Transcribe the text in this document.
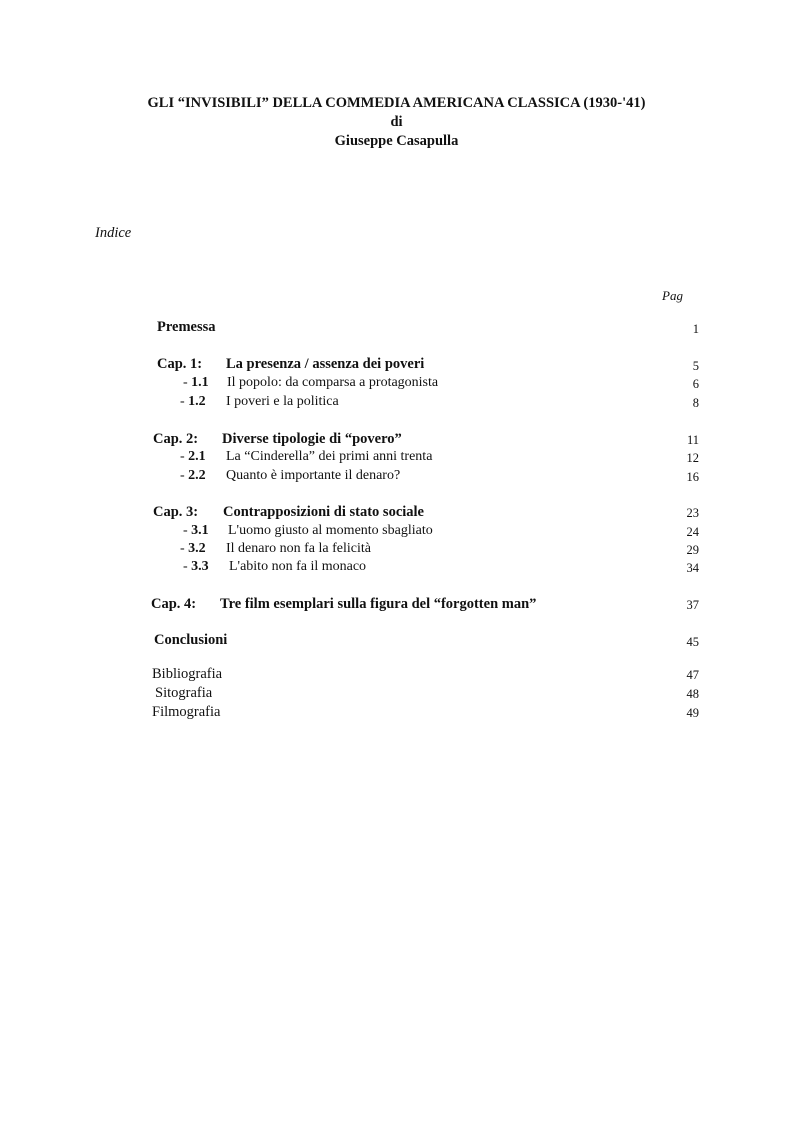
GLI “INVISIBILI” DELLA COMMEDIA AMERICANA CLASSICA (1930-'41)
di
Giuseppe Casapulla
Indice
Pag
Premessa	1
Cap. 1: La presenza / assenza dei poveri	5
- 1.1 Il popolo: da comparsa a protagonista	6
- 1.2 I poveri e la politica	8
Cap. 2: Diverse tipologie di “povero”	11
- 2.1 La “Cinderella” dei primi anni trenta	12
- 2.2 Quanto è importante il denaro?	16
Cap. 3: Contrapposizioni di stato sociale	23
- 3.1 L'uomo giusto al momento sbagliato	24
- 3.2 Il denaro non fa la felicità	29
- 3.3 L'abito non fa il monaco	34
Cap. 4: Tre film esemplari sulla figura del “forgotten man”	37
Conclusioni	45
Bibliografia	47
Sitografia	48
Filmografia	49
